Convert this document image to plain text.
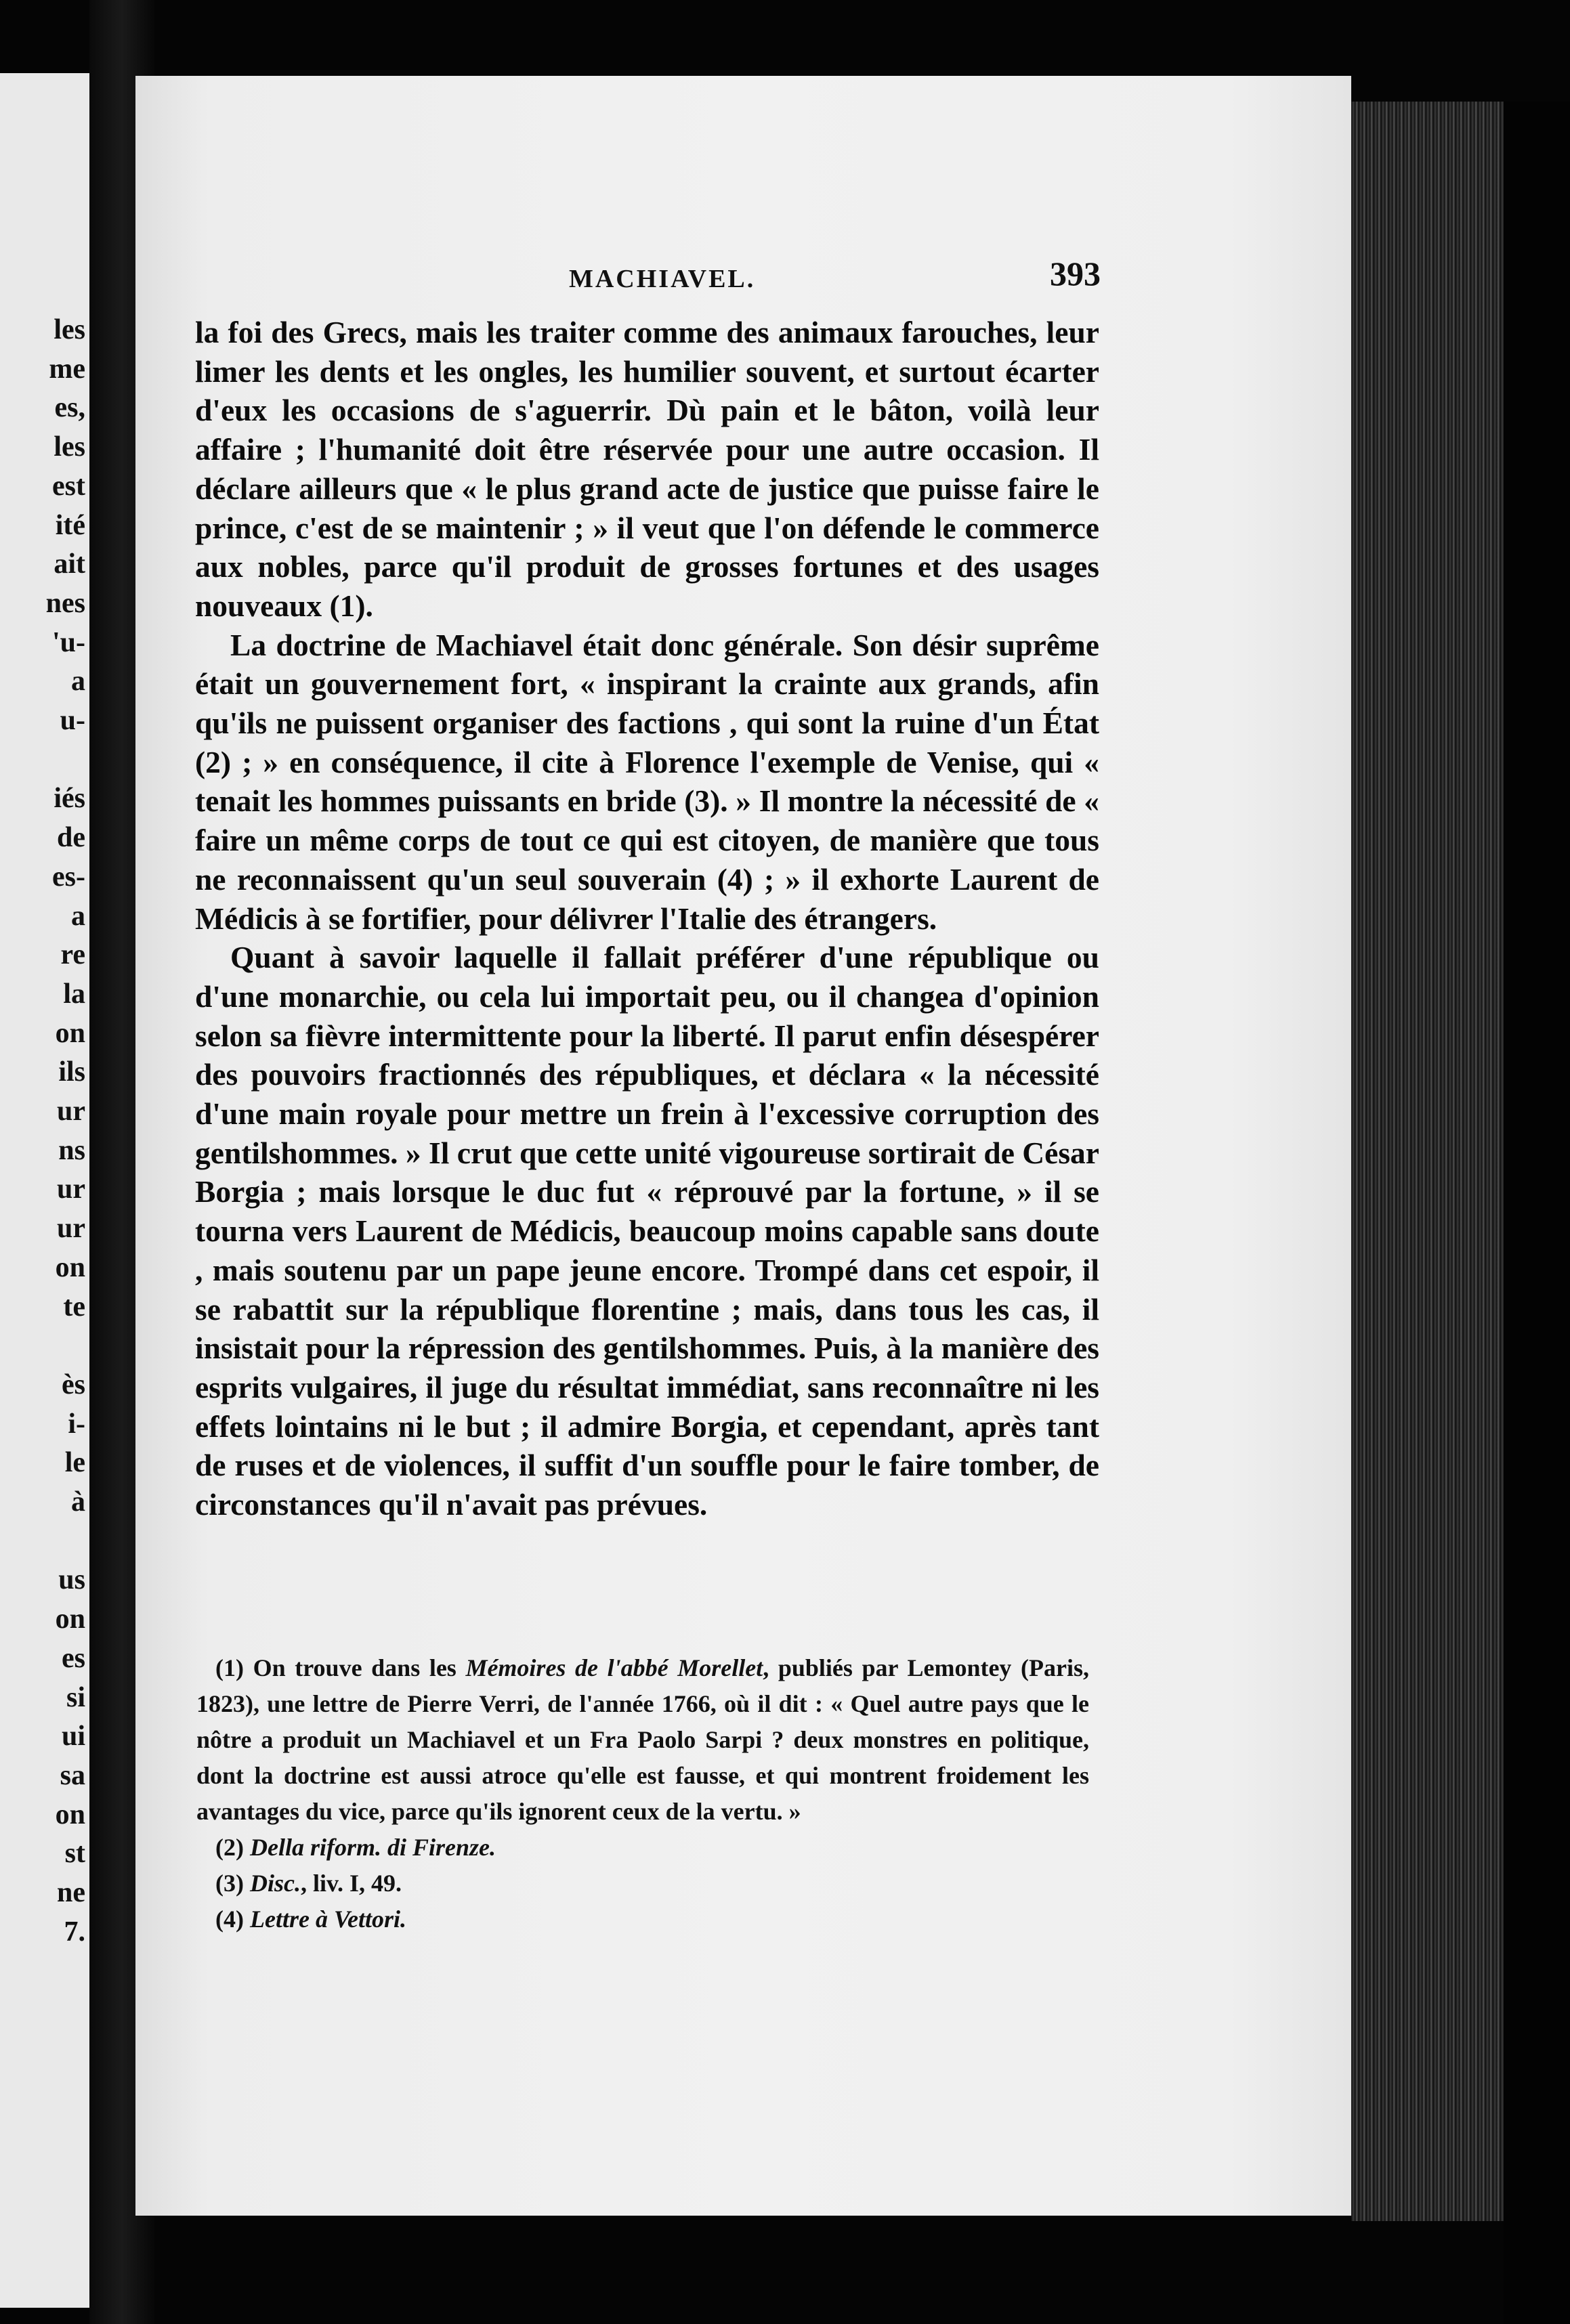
les
me
es,
les
est
ité
ait
nes
'u-
a
u-
iés
de
es-
a
re
la
on
ils
ur
ns
ur
ur
on
te
ès
i-
le
à
us
on
es
si
ui
sa
on
st
ne
7.
MACHIAVEL.	393

la foi des Grecs, mais les traiter comme des animaux farouches, leur limer les dents et les ongles, les humilier souvent, et surtout écarter d'eux les occasions de s'aguerrir. Dù pain et le bâton, voilà leur affaire ; l'humanité doit être réservée pour une autre occasion. Il déclare ailleurs que « le plus grand acte de justice que puisse faire le prince, c'est de se maintenir ; » il veut que l'on défende le commerce aux nobles, parce qu'il produit de grosses fortunes et des usages nouveaux (1).

La doctrine de Machiavel était donc générale. Son désir suprême était un gouvernement fort, « inspirant la crainte aux grands, afin qu'ils ne puissent organiser des factions , qui sont la ruine d'un État (2) ; » en conséquence, il cite à Florence l'exemple de Venise, qui « tenait les hommes puissants en bride (3). » Il montre la nécessité de « faire un même corps de tout ce qui est citoyen, de manière que tous ne reconnaissent qu'un seul souverain (4) ; » il exhorte Laurent de Médicis à se fortifier, pour délivrer l'Italie des étrangers.

Quant à savoir laquelle il fallait préférer d'une république ou d'une monarchie, ou cela lui importait peu, ou il changea d'opinion selon sa fièvre intermittente pour la liberté. Il parut enfin désespérer des pouvoirs fractionnés des républiques, et déclara « la nécessité d'une main royale pour mettre un frein à l'excessive corruption des gentilshommes. » Il crut que cette unité vigoureuse sortirait de César Borgia ; mais lorsque le duc fut « réprouvé par la fortune, » il se tourna vers Laurent de Médicis, beaucoup moins capable sans doute , mais soutenu par un pape jeune encore. Trompé dans cet espoir, il se rabattit sur la république florentine ; mais, dans tous les cas, il insistait pour la répression des gentilshommes. Puis, à la manière des esprits vulgaires, il juge du résultat immédiat, sans reconnaître ni les effets lointains ni le but ; il admire Borgia, et cependant, après tant de ruses et de violences, il suffit d'un souffle pour le faire tomber, de circonstances qu'il n'avait pas prévues.

(1) On trouve dans les Mémoires de l'abbé Morellet, publiés par Lemontey (Paris, 1823), une lettre de Pierre Verri, de l'année 1766, où il dit : « Quel autre pays que le nôtre a produit un Machiavel et un Fra Paolo Sarpi ? deux monstres en politique, dont la doctrine est aussi atroce qu'elle est fausse, et qui montrent froidement les avantages du vice, parce qu'ils ignorent ceux de la vertu. »

(2) Della riform. di Firenze.

(3) Disc., liv. I, 49.

(4) Lettre à Vettori.
